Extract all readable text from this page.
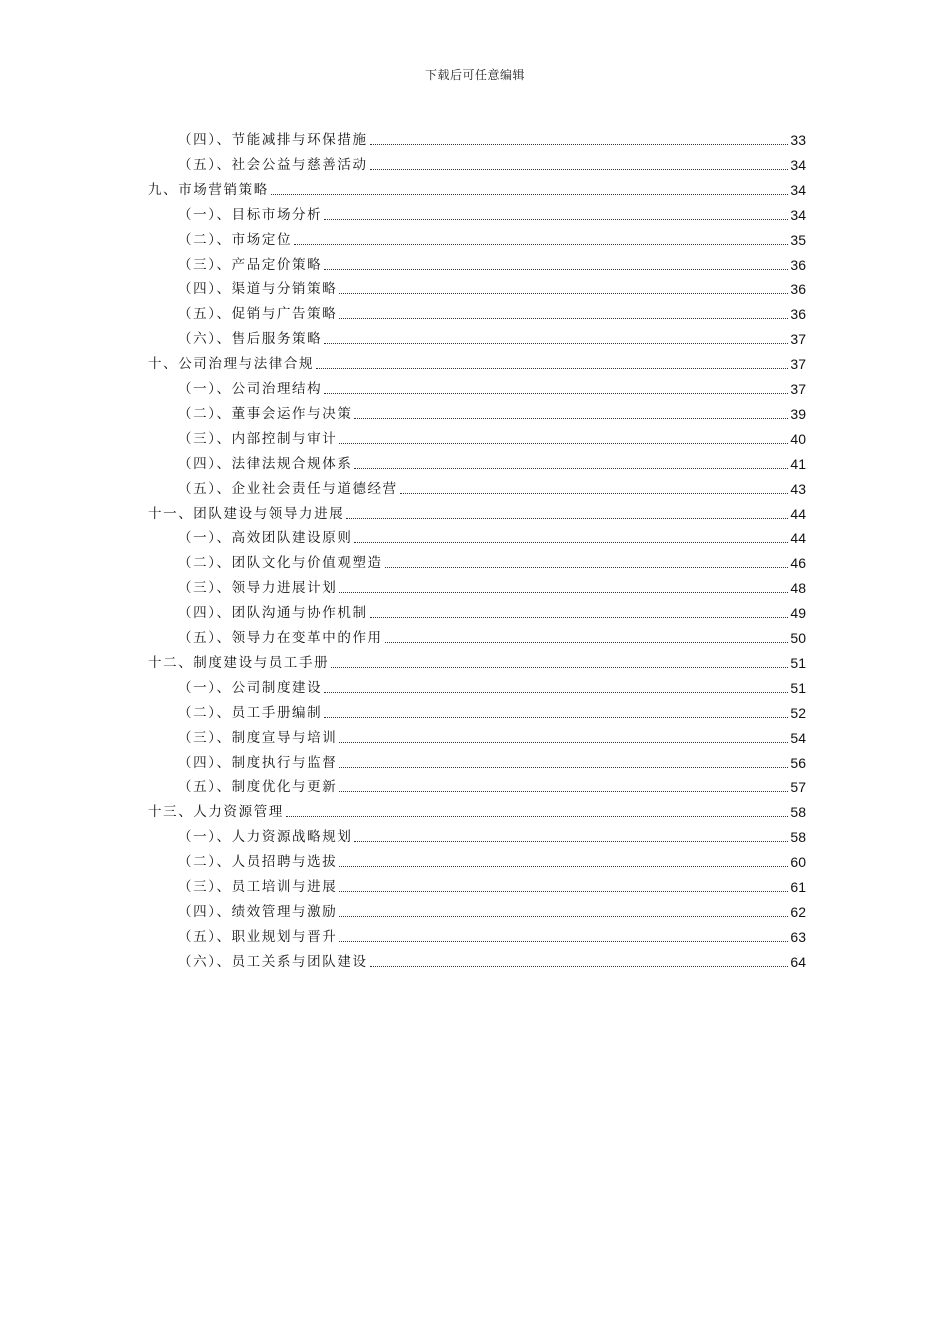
下载后可任意编辑
（四）、节能减排与环保措施	33
（五）、社会公益与慈善活动	34
九、市场营销策略	34
（一）、目标市场分析	34
（二）、市场定位	35
（三）、产品定价策略	36
（四）、渠道与分销策略	36
（五）、促销与广告策略	36
（六）、售后服务策略	37
十、公司治理与法律合规	37
（一）、公司治理结构	37
（二）、董事会运作与决策	39
（三）、内部控制与审计	40
（四）、法律法规合规体系	41
（五）、企业社会责任与道德经营	43
十一、团队建设与领导力进展	44
（一）、高效团队建设原则	44
（二）、团队文化与价值观塑造	46
（三）、领导力进展计划	48
（四）、团队沟通与协作机制	49
（五）、领导力在变革中的作用	50
十二、制度建设与员工手册	51
（一）、公司制度建设	51
（二）、员工手册编制	52
（三）、制度宣导与培训	54
（四）、制度执行与监督	56
（五）、制度优化与更新	57
十三、人力资源管理	58
（一）、人力资源战略规划	58
（二）、人员招聘与选拔	60
（三）、员工培训与进展	61
（四）、绩效管理与激励	62
（五）、职业规划与晋升	63
（六）、员工关系与团队建设	64
